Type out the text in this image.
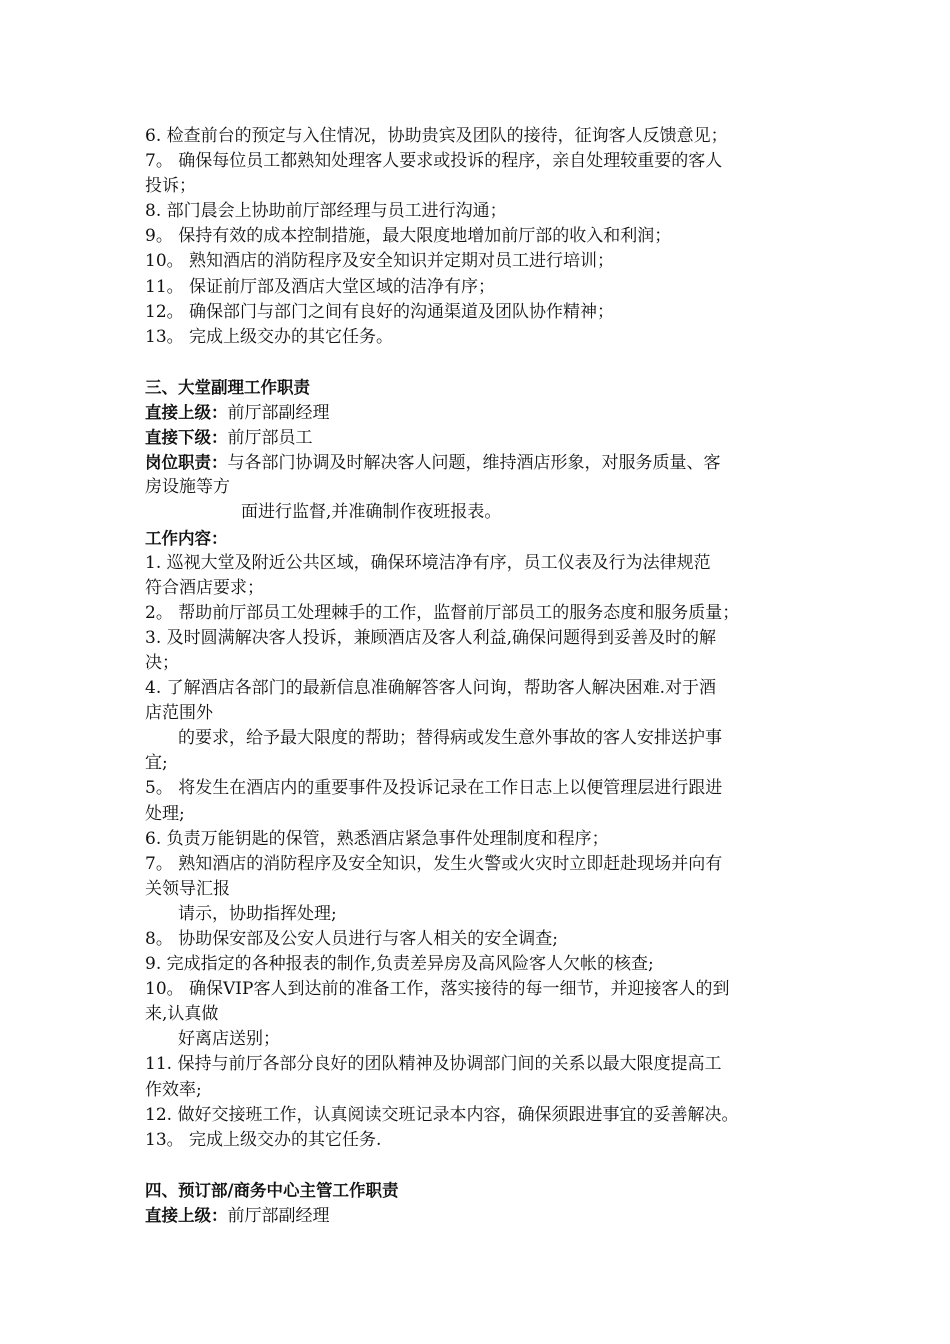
6. 检查前台的预定与入住情况，协助贵宾及团队的接待，征询客人反馈意见；
7。 确保每位员工都熟知处理客人要求或投诉的程序，亲自处理较重要的客人
投诉；
8. 部门晨会上协助前厅部经理与员工进行沟通；
9。 保持有效的成本控制措施，最大限度地增加前厅部的收入和利润；
10。 熟知酒店的消防程序及安全知识并定期对员工进行培训；
11。 保证前厅部及酒店大堂区域的洁净有序；
12。 确保部门与部门之间有良好的沟通渠道及团队协作精神；
13。 完成上级交办的其它任务。
三、大堂副理工作职责
直接上级：前厅部副经理
直接下级：前厅部员工
岗位职责：与各部门协调及时解决客人问题，维持酒店形象，对服务质量、客
房设施等方
面进行监督,并准确制作夜班报表。
工作内容：
1. 巡视大堂及附近公共区域，确保环境洁净有序，员工仪表及行为法律规范
符合酒店要求；
2。 帮助前厅部员工处理棘手的工作，监督前厅部员工的服务态度和服务质量；
3. 及时圆满解决客人投诉，兼顾酒店及客人利益,确保问题得到妥善及时的解
决；
4. 了解酒店各部门的最新信息准确解答客人问询，帮助客人解决困难.对于酒
店范围外
的要求，给予最大限度的帮助；替得病或发生意外事故的客人安排送护事
宜;
5。 将发生在酒店内的重要事件及投诉记录在工作日志上以便管理层进行跟进
处理;
6. 负责万能钥匙的保管，熟悉酒店紧急事件处理制度和程序；
7。 熟知酒店的消防程序及安全知识，发生火警或火灾时立即赶赴现场并向有
关领导汇报
请示，协助指挥处理;
8。 协助保安部及公安人员进行与客人相关的安全调查;
9. 完成指定的各种报表的制作,负责差异房及高风险客人欠帐的核查;
10。 确保VIP客人到达前的准备工作，落实接待的每一细节，并迎接客人的到
来,认真做
好离店送别；
11. 保持与前厅各部分良好的团队精神及协调部门间的关系以最大限度提高工
作效率;
12. 做好交接班工作，认真阅读交班记录本内容，确保须跟进事宜的妥善解决。
13。 完成上级交办的其它任务.
四、预订部/商务中心主管工作职责
直接上级：前厅部副经理
